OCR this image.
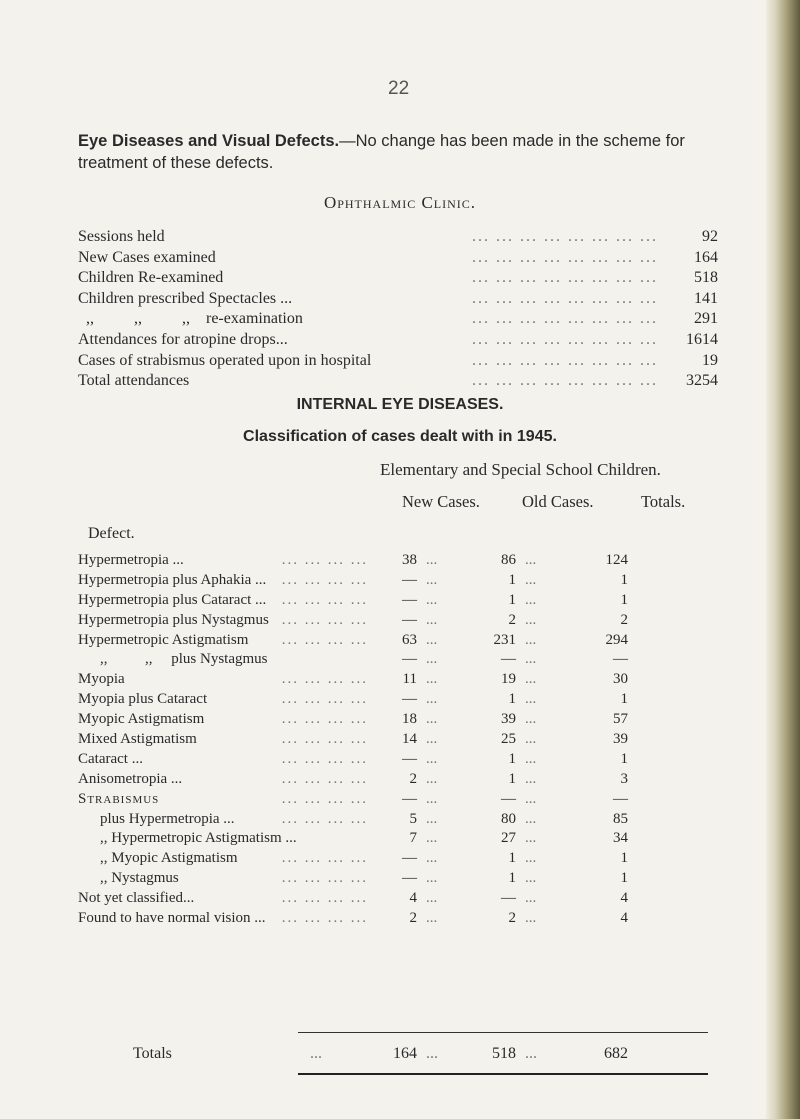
22
Eye Diseases and Visual Defects.—No change has been made in the scheme for treatment of these defects.
Ophthalmic Clinic.
... ... ... ... ... ... ... ...
Sessions held	92
... ... ... ... ... ... ... ...
New Cases examined	164
... ... ... ... ... ... ... ...
Children Re-examined	518
... ... ... ... ... ... ... ...
Children prescribed Spectacles ...	141
... ... ... ... ... ... ... ...
,,          ,,          ,,    re-examination	291
... ... ... ... ... ... ... ...
Attendances for atropine drops...	1614
... ... ... ... ... ... ... ...
Cases of strabismus operated upon in hospital	19
... ... ... ... ... ... ... ...
Total attendances	3254
INTERNAL EYE DISEASES.
Classification of cases dealt with in 1945.
Elementary and Special School Children.
New Cases.	Old Cases.	Totals.
Defect.
... ... ... ...
Hypermetropia ...	38 ...	86 ...	124
... ... ... ...
Hypermetropia plus Aphakia ...	— ...	1 ...	1
... ... ... ...
Hypermetropia plus Cataract ...	— ...	1 ...	1
... ... ... ...
Hypermetropia plus Nystagmus	— ...	2 ...	2
... ... ... ...
Hypermetropic Astigmatism	63 ...	231 ...	294
,,          ,,     plus Nystagmus	— ...	— ...	—
... ... ... ...
Myopia	11 ...	19 ...	30
... ... ... ...
Myopia plus Cataract	— ...	1 ...	1
... ... ... ...
Myopic Astigmatism	18 ...	39 ...	57
... ... ... ...
Mixed Astigmatism	14 ...	25 ...	39
... ... ... ...
Cataract ...	— ...	1 ...	1
... ... ... ...
Anisometropia ...	2 ...	1 ...	3
... ... ... ...
Strabismus	— ...	— ...	—
... ... ... ...
plus Hypermetropia ...	5 ...	80 ...	85
,, Hypermetropic Astigmatism ...	7 ...	27 ...	34
... ... ... ...
,, Myopic Astigmatism	— ...	1 ...	1
... ... ... ...
,, Nystagmus	— ...	1 ...	1
... ... ... ...
Not yet classified...	4 ...	— ...	4
... ... ... ...
Found to have normal vision ...	2 ...	2 ...	4
Totals	...	164 ...	518 ...	682
